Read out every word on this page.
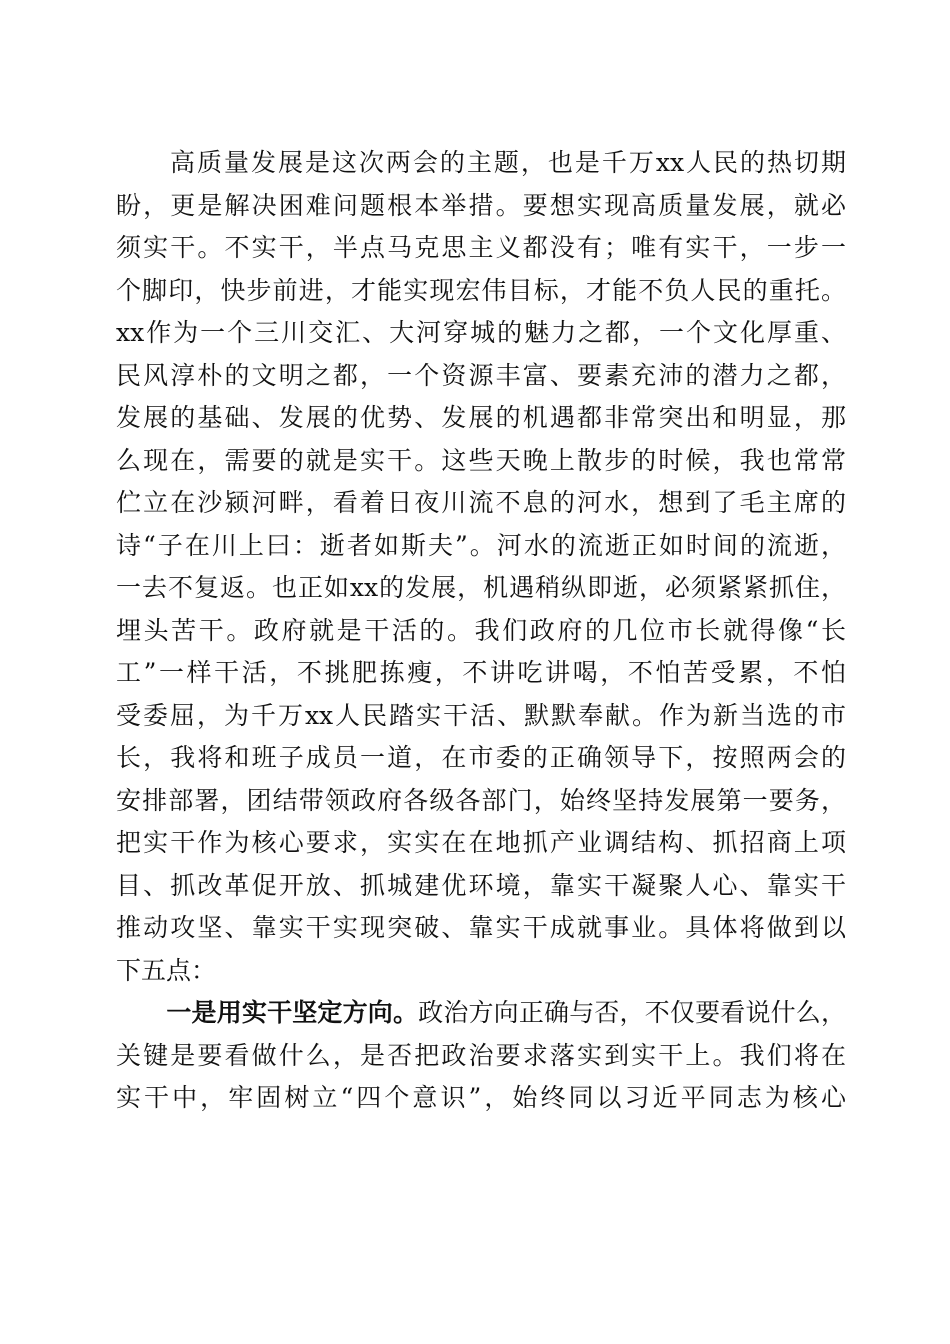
　　高质量发展是这次两会的主题，也是千万xx人民的热切期
盼，更是解决困难问题根本举措。要想实现高质量发展，就必
须实干。不实干，半点马克思主义都没有；唯有实干，一步一
个脚印，快步前进，才能实现宏伟目标，才能不负人民的重托。
xx作为一个三川交汇、大河穿城的魅力之都，一个文化厚重、
民风淳朴的文明之都，一个资源丰富、要素充沛的潜力之都，
发展的基础、发展的优势、发展的机遇都非常突出和明显，那
么现在，需要的就是实干。这些天晚上散步的时候，我也常常
伫立在沙颍河畔，看着日夜川流不息的河水，想到了毛主席的
诗“子在川上曰：逝者如斯夫”。河水的流逝正如时间的流逝，
一去不复返。也正如xx的发展，机遇稍纵即逝，必须紧紧抓住，
埋头苦干。政府就是干活的。我们政府的几位市长就得像“长
工”一样干活，不挑肥拣瘦，不讲吃讲喝，不怕苦受累，不怕
受委屈，为千万xx人民踏实干活、默默奉献。作为新当选的市
长，我将和班子成员一道，在市委的正确领导下，按照两会的
安排部署，团结带领政府各级各部门，始终坚持发展第一要务，
把实干作为核心要求，实实在在地抓产业调结构、抓招商上项
目、抓改革促开放、抓城建优环境，靠实干凝聚人心、靠实干
推动攻坚、靠实干实现突破、靠实干成就事业。具体将做到以
下五点：
　　一是用实干坚定方向。政治方向正确与否，不仅要看说什么，
关键是要看做什么，是否把政治要求落实到实干上。我们将在
实干中，牢固树立“四个意识”，始终同以习近平同志为核心
